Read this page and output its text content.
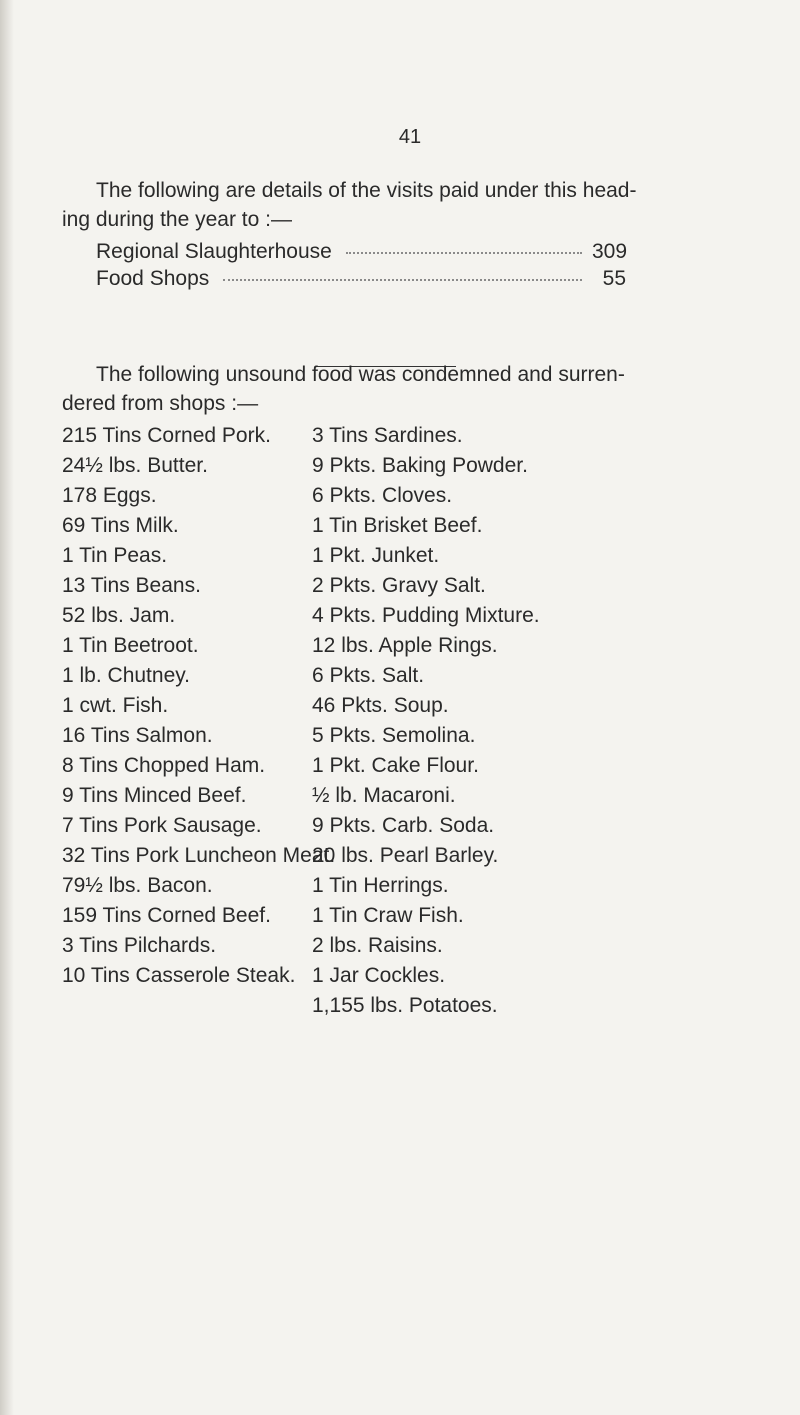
41

The following are details of the visits paid under this head-

ing during the year to :—

Regional Slaughterhouse	309
Food Shops	55

The following unsound food was condemned and surren-

dered from shops :—

215 Tins Corned Pork.
24½ lbs. Butter.
178 Eggs.
69 Tins Milk.
1 Tin Peas.
13 Tins Beans.
52 lbs. Jam.
1 Tin Beetroot.
1 lb. Chutney.
1 cwt. Fish.
16 Tins Salmon.
8 Tins Chopped Ham.
9 Tins Minced Beef.
7 Tins Pork Sausage.
32 Tins Pork Luncheon Meat.
79½ lbs. Bacon.
159 Tins Corned Beef.
3 Tins Pilchards.
10 Tins Casserole Steak.
3 Tins Sardines.
9 Pkts. Baking Powder.
6 Pkts. Cloves.
1 Tin Brisket Beef.
1 Pkt. Junket.
2 Pkts. Gravy Salt.
4 Pkts. Pudding Mixture.
12 lbs. Apple Rings.
6 Pkts. Salt.
46 Pkts. Soup.
5 Pkts. Semolina.
1 Pkt. Cake Flour.
½ lb. Macaroni.
9 Pkts. Carb. Soda.
20 lbs. Pearl Barley.
1 Tin Herrings.
1 Tin Craw Fish.
2 lbs. Raisins.
1 Jar Cockles.
1,155 lbs. Potatoes.
